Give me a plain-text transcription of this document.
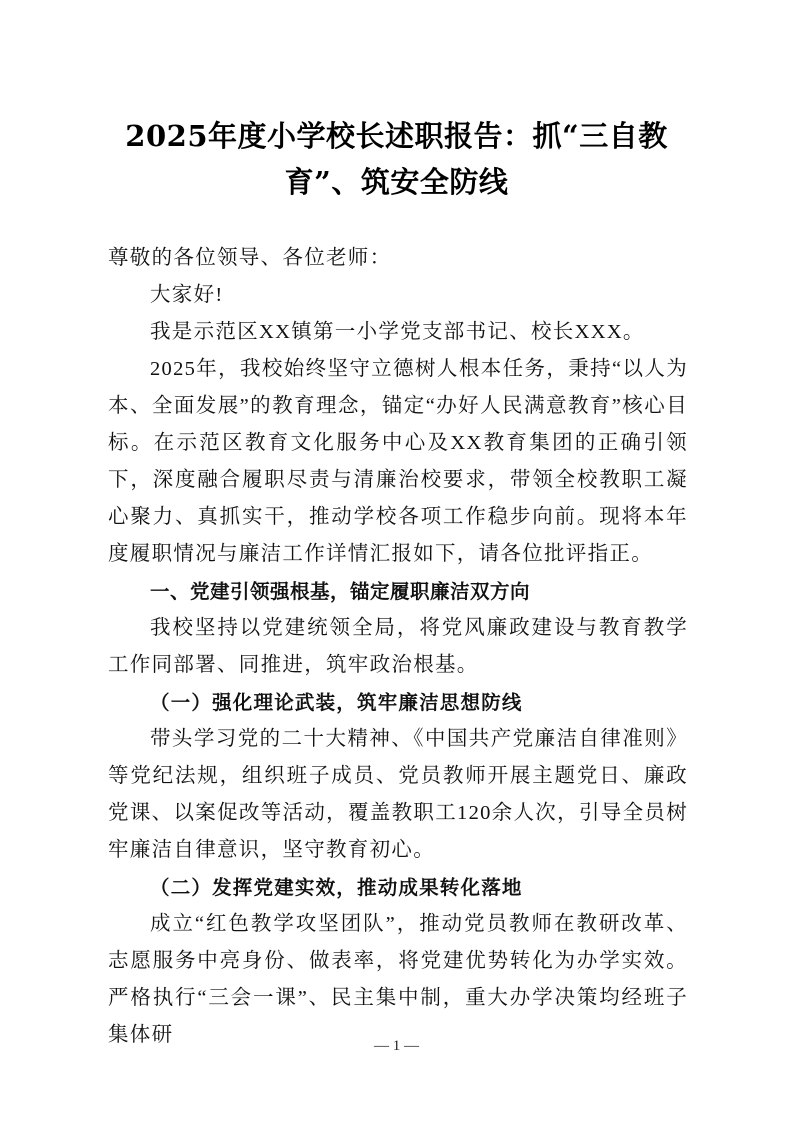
2025年度小学校长述职报告：抓“三自教育”、筑安全防线

尊敬的各位领导、各位老师：

大家好!

我是示范区XX镇第一小学党支部书记、校长XXX。

2025年，我校始终坚守立德树人根本任务，秉持“以人为本、全面发展”的教育理念，锚定“办好人民满意教育”核心目标。在示范区教育文化服务中心及XX教育集团的正确引领下，深度融合履职尽责与清廉治校要求，带领全校教职工凝心聚力、真抓实干，推动学校各项工作稳步向前。现将本年度履职情况与廉洁工作详情汇报如下，请各位批评指正。

一、党建引领强根基，锚定履职廉洁双方向

我校坚持以党建统领全局，将党风廉政建设与教育教学工作同部署、同推进，筑牢政治根基。

（一）强化理论武装，筑牢廉洁思想防线

带头学习党的二十大精神、《中国共产党廉洁自律准则》等党纪法规，组织班子成员、党员教师开展主题党日、廉政党课、以案促改等活动，覆盖教职工120余人次，引导全员树牢廉洁自律意识，坚守教育初心。

（二）发挥党建实效，推动成果转化落地

成立“红色教学攻坚团队”，推动党员教师在教研改革、志愿服务中亮身份、做表率，将党建优势转化为办学实效。严格执行“三会一课”、民主集中制，重大办学决策均经班子集体研	— 1 —
